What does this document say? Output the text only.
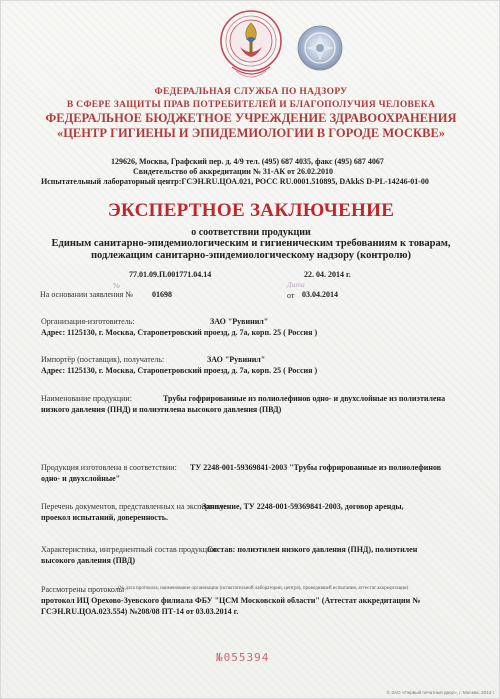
ФЕДЕРАЛЬНАЯ СЛУЖБА ПО НАДЗОРУ
В СФЕРЕ ЗАЩИТЫ ПРАВ ПОТРЕБИТЕЛЕЙ И БЛАГОПОЛУЧИЯ ЧЕЛОВЕКА
ФЕДЕРАЛЬНОЕ БЮДЖЕТНОЕ УЧРЕЖДЕНИЕ ЗДРАВООХРАНЕНИЯ
«ЦЕНТР ГИГИЕНЫ И ЭПИДЕМИОЛОГИИ В ГОРОДЕ МОСКВЕ»
129626, Москва, Графский пер. д. 4/9 тел. (495) 687 4035, факс (495) 687 4067
Свидетельство об аккредитации № 31-АК от 26.02.2010
Испытательный лабораторный центр:ГСЭН.RU.ЦОА.021, РОСС RU.0001.510895, DAkkS D-PL-14246-01-00
ЭКСПЕРТНОЕ ЗАКЛЮЧЕНИЕ
о соответствии продукции
Единым санитарно-эпидемиологическим и гигиеническим требованиям к товарам,
подлежащим санитарно-эпидемиологическому надзору (контролю)
77.01.09.П.001771.04.14	22. 04. 2014 г.
№	Дата
На основании заявления № 01698	от 03.04.2014
Организация-изготовитель:	ЗАО "Рувинил"
Адрес: 1125130, г. Москва, Старопетровский проезд, д. 7а, корп. 25 ( Россия )
Импортёр (поставщик), получатель:	ЗАО "Рувинил"
Адрес: 1125130, г. Москва, Старопетровский проезд, д. 7а, корп. 25 ( Россия )
Наименование продукции:	Трубы гофрированные из полиолефинов одно- и двухслойные из полиэтилена
низкого давления (ПНД) и полиэтилена высокого давления (ПВД)
Продукция изготовлена в соответствии: ТУ 2248-001-59369841-2003 "Трубы гофрированные из полиолефинов
одно- и двухслойные"
Перечень документов, представленных на экспертизу:
Заявление, ТУ 2248-001-59369841-2003, договор аренды,
проекол испытаний, доверенность.
Характеристика, ингредиентный состав продукции:
Состав: полиэтилен низкого давления (ПНД), полиэтилен
высокого давления (ПВД)
Рассмотрены протоколы
(№,дата протокола, наименование организации (испытательной лаборатории, центра), проводившей испытания, аттестат аккредитации)
протокол ИЦ Орехово-Зуевского филиала ФБУ "ЦСМ Московской области" (Аттестат аккредитации №
ГСЭН.RU.ЦОА.023.554) №208/08 ПТ-14 от 03.03.2014 г.
№055394
© ЗАО «Первый печатный двор», г. Москва, 2013 г.
